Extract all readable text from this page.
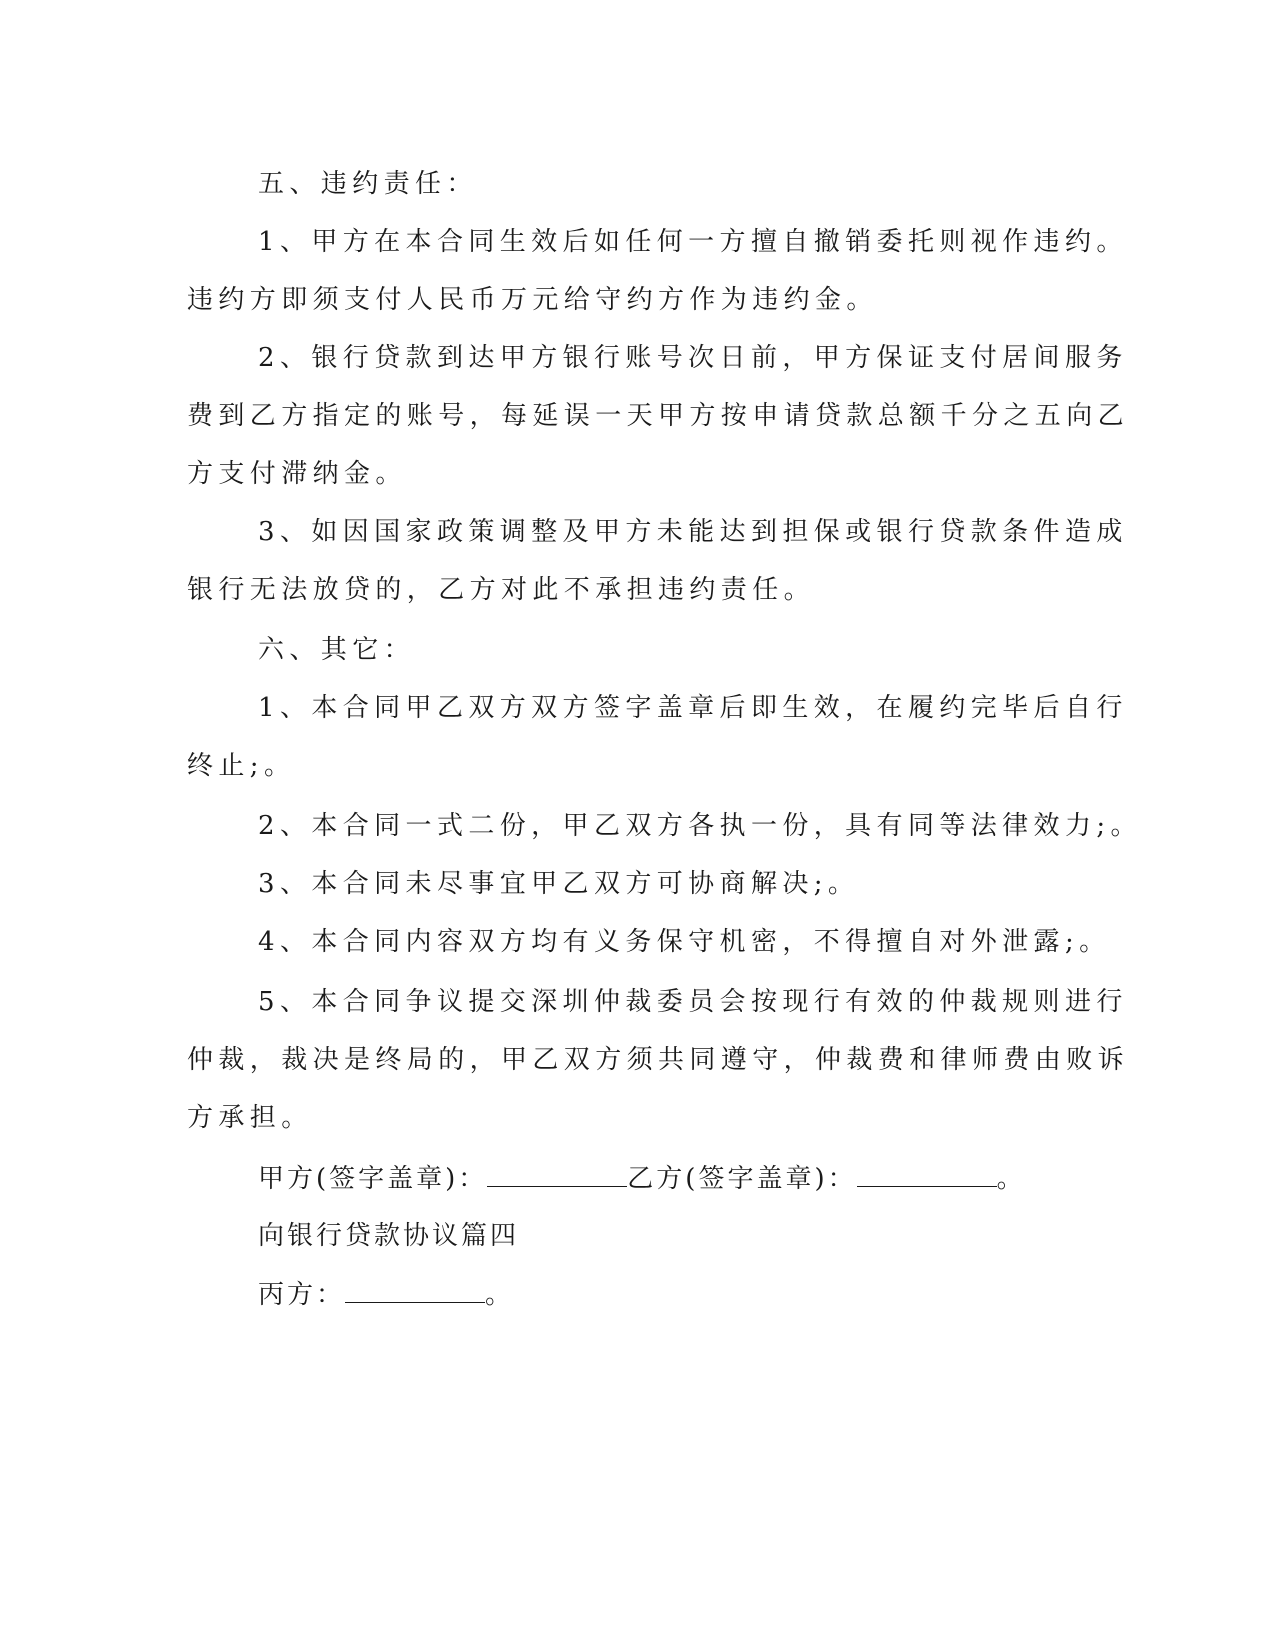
五、违约责任：

1、甲方在本合同生效后如任何一方擅自撤销委托则视作违约。

违约方即须支付人民币万元给守约方作为违约金。

2、银行贷款到达甲方银行账号次日前，甲方保证支付居间服务

费到乙方指定的账号，每延误一天甲方按申请贷款总额千分之五向乙

方支付滞纳金。

3、如因国家政策调整及甲方未能达到担保或银行贷款条件造成

银行无法放贷的，乙方对此不承担违约责任。

六、其它：

1、本合同甲乙双方双方签字盖章后即生效，在履约完毕后自行

终止;。

2、本合同一式二份，甲乙双方各执一份，具有同等法律效力;。

3、本合同未尽事宜甲乙双方可协商解决;。

4、本合同内容双方均有义务保守机密，不得擅自对外泄露;。

5、本合同争议提交深圳仲裁委员会按现行有效的仲裁规则进行

仲裁，裁决是终局的，甲乙双方须共同遵守，仲裁费和律师费由败诉

方承担。

甲方(签字盖章)：	乙方(签字盖章)：	。

向银行贷款协议篇四

丙方：	。
